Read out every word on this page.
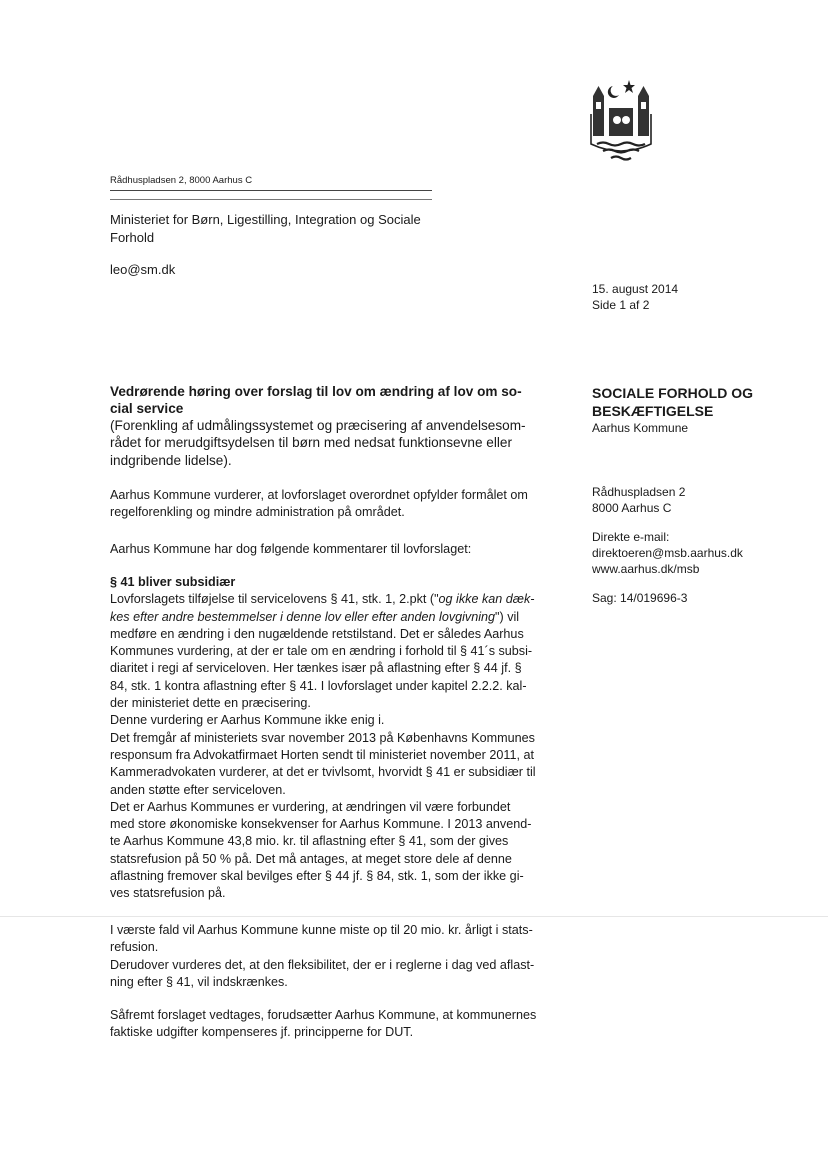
Rådhuspladsen 2, 8000 Aarhus C
Ministeriet for Børn, Ligestilling, Integration og Sociale
Forhold
leo@sm.dk
15. august 2014
Side 1 af 2
SOCIALE FORHOLD OG
BESKÆFTIGELSE
Aarhus Kommune
Rådhuspladsen 2
8000 Aarhus C
Direkte e-mail:
direktoeren@msb.aarhus.dk
www.aarhus.dk/msb
Sag: 14/019696-3
Vedrørende høring over forslag til lov om ændring af lov om so-
cial service
(Forenkling af udmålingssystemet og præcisering af anvendelsesom-
rådet for merudgiftsydelsen til børn med nedsat funktionsevne eller
indgribende lidelse).

Aarhus Kommune vurderer, at lovforslaget overordnet opfylder formålet om

regelforenkling og mindre administration på området.

Aarhus Kommune har dog følgende kommentarer til lovforslaget:

§ 41 bliver subsidiær

Lovforslagets tilføjelse til servicelovens § 41, stk. 1, 2.pkt ("og ikke kan dæk-

kes efter andre bestemmelser i denne lov eller efter anden lovgivning") vil

medføre en ændring i den nugældende retstilstand. Det er således Aarhus

Kommunes vurdering, at der er tale om en ændring i forhold til § 41´s subsi-

diaritet i regi af serviceloven. Her tænkes især på aflastning efter § 44 jf. §

84, stk. 1 kontra aflastning efter § 41. I lovforslaget under kapitel 2.2.2. kal-

der ministeriet dette en præcisering.

Denne vurdering er Aarhus Kommune ikke enig i.

Det fremgår af ministeriets svar november 2013 på Københavns Kommunes

responsum fra Advokatfirmaet Horten sendt til ministeriet november 2011, at

Kammeradvokaten vurderer, at det er tvivlsomt, hvorvidt § 41 er subsidiær til

anden støtte efter serviceloven.

Det er Aarhus Kommunes er vurdering, at ændringen vil være forbundet

med store økonomiske konsekvenser for Aarhus Kommune. I 2013 anvend-

te Aarhus Kommune 43,8 mio. kr. til aflastning efter § 41, som der gives

statsrefusion på 50 % på. Det må antages, at meget store dele af denne

aflastning fremover skal bevilges efter § 44 jf. § 84, stk. 1, som der ikke gi-

ves statsrefusion på.

I værste fald vil Aarhus Kommune kunne miste op til 20 mio. kr. årligt i stats-

refusion.

Derudover vurderes det, at den fleksibilitet, der er i reglerne i dag ved aflast-

ning efter § 41, vil indskrænkes.

Såfremt forslaget vedtages, forudsætter Aarhus Kommune, at kommunernes

faktiske udgifter kompenseres jf. principperne for DUT.
